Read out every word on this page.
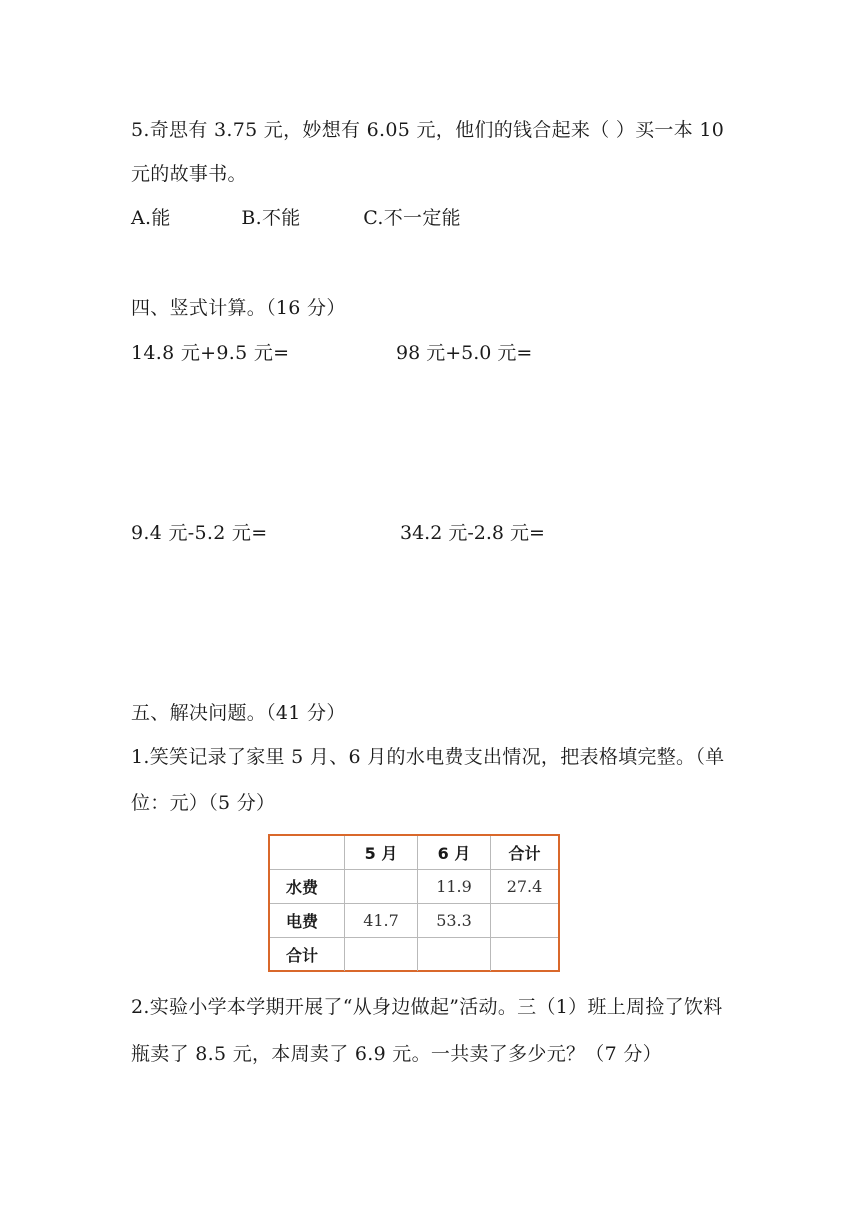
5.奇思有 3.75 元，妙想有 6.05 元，他们的钱合起来（ ）买一本 10
元的故事书。
A.能	B.不能	C.不一定能
四、竖式计算。（16 分）
14.8 元+9.5 元=	98 元+5.0 元=
9.4 元-5.2 元=	34.2 元-2.8 元=
五、解决问题。（41 分）
1.笑笑记录了家里 5 月、6 月的水电费支出情况，把表格填完整。（单
位：元）（5 分）
	5 月	6 月	合计
水费		11.9	27.4
电费	41.7	53.3	
合计			
2.实验小学本学期开展了“从身边做起”活动。三（1）班上周捡了饮料
瓶卖了 8.5 元，本周卖了 6.9 元。一共卖了多少元？（7 分）
